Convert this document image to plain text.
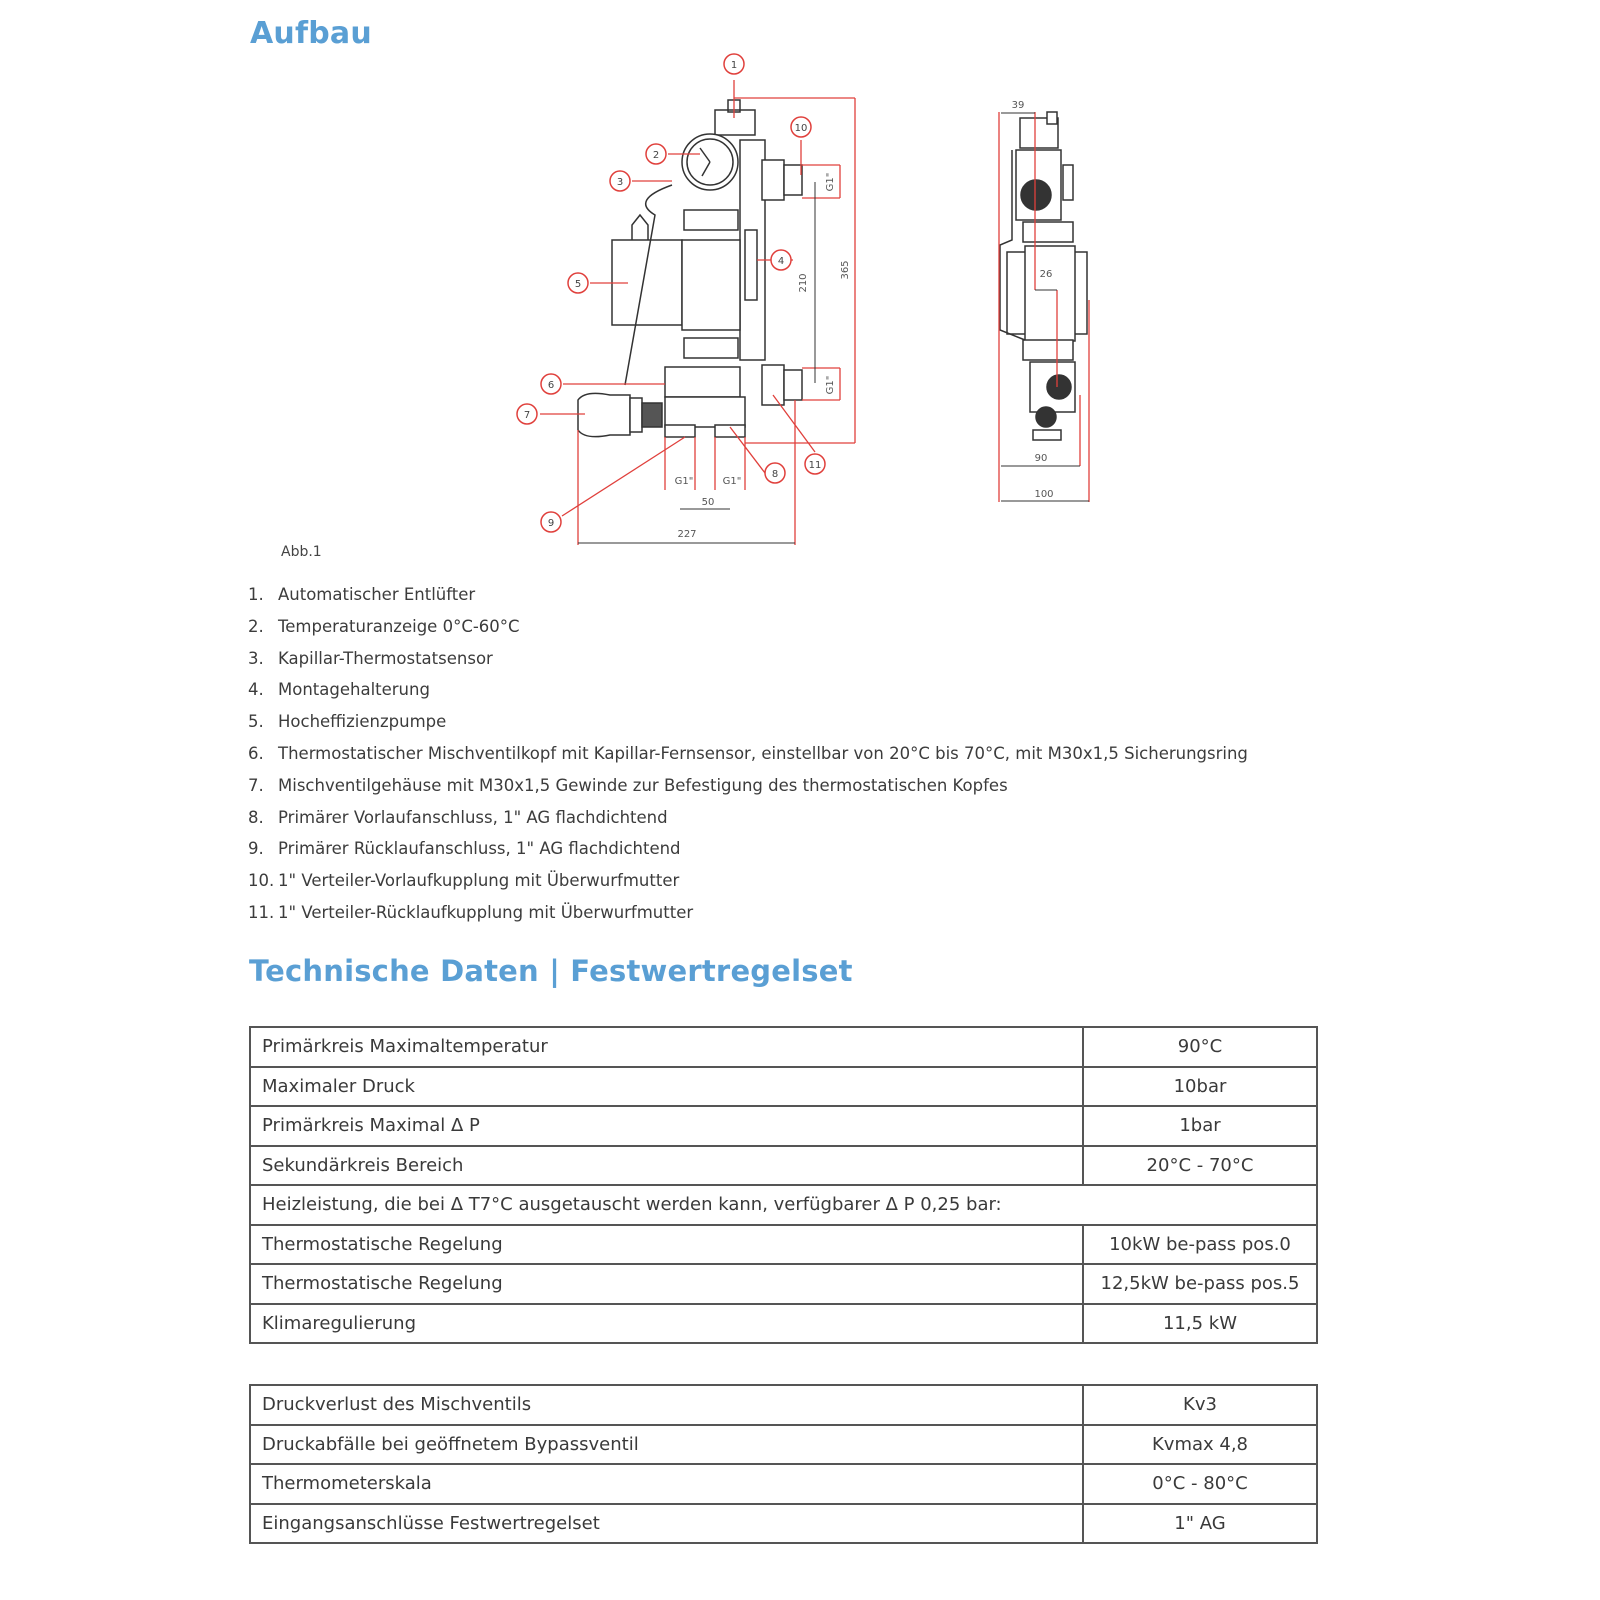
Aufbau
1
2
3
4
5
6
7
8
9
10
11
227
50
G1"	G1"
365
210
G1"
G1"
39
26
90
100
Abb.1
1. Automatischer Entlüfter
2. Temperaturanzeige 0°C-60°C
3. Kapillar-Thermostatsensor
4. Montagehalterung
5. Hocheffizienzpumpe
6. Thermostatischer Mischventilkopf mit Kapillar-Fernsensor, einstellbar von 20°C bis 70°C, mit M30x1,5 Sicherungsring
7. Mischventilgehäuse mit M30x1,5 Gewinde zur Befestigung des thermostatischen Kopfes
8. Primärer Vorlaufanschluss, 1" AG flachdichtend
9. Primärer Rücklaufanschluss, 1" AG flachdichtend
10. 1" Verteiler-Vorlaufkupplung mit Überwurfmutter
11. 1" Verteiler-Rücklaufkupplung mit Überwurfmutter
Technische Daten | Festwertregelset
Primärkreis Maximaltemperatur	90°C
Maximaler Druck	10bar
Primärkreis Maximal Δ P	1bar
Sekundärkreis Bereich	20°C - 70°C
Heizleistung, die bei Δ T7°C ausgetauscht werden kann, verfügbarer Δ P 0,25 bar:	
Thermostatische Regelung	10kW be-pass pos.0
Thermostatische Regelung	12,5kW be-pass pos.5
Klimaregulierung	11,5 kW
Druckverlust des Mischventils	Kv3
Druckabfälle bei geöffnetem Bypassventil	Kvmax 4,8
Thermometerskala	0°C - 80°C
Eingangsanschlüsse Festwertregelset	1" AG
